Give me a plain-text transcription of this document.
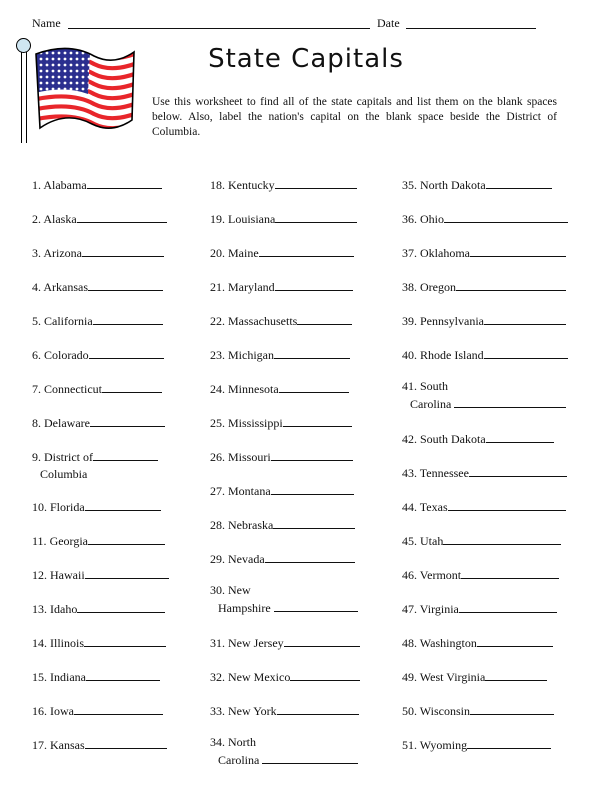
Name	Date
State Capitals
Use this worksheet to find all of the state capitals and list them on the blank spaces below. Also, label the nation's capital on the blank space beside the District of Columbia.
1. Alabama
2. Alaska
3. Arizona
4. Arkansas
5. California
6. Colorado
7. Connecticut
8. Delaware
9. District of
Columbia
10. Florida
11. Georgia
12. Hawaii
13. Idaho
14. Illinois
15. Indiana
16. Iowa
17. Kansas
18. Kentucky
19. Louisiana
20. Maine
21. Maryland
22. Massachusetts
23. Michigan
24. Minnesota
25. Mississippi
26. Missouri
27. Montana
28. Nebraska
29. Nevada
30. New
Hampshire
31. New Jersey
32. New Mexico
33. New York
34. North
Carolina
35. North Dakota
36. Ohio
37. Oklahoma
38. Oregon
39. Pennsylvania
40. Rhode Island
41. South
Carolina
42. South Dakota
43. Tennessee
44. Texas
45. Utah
46. Vermont
47. Virginia
48. Washington
49. West Virginia
50. Wisconsin
51. Wyoming
